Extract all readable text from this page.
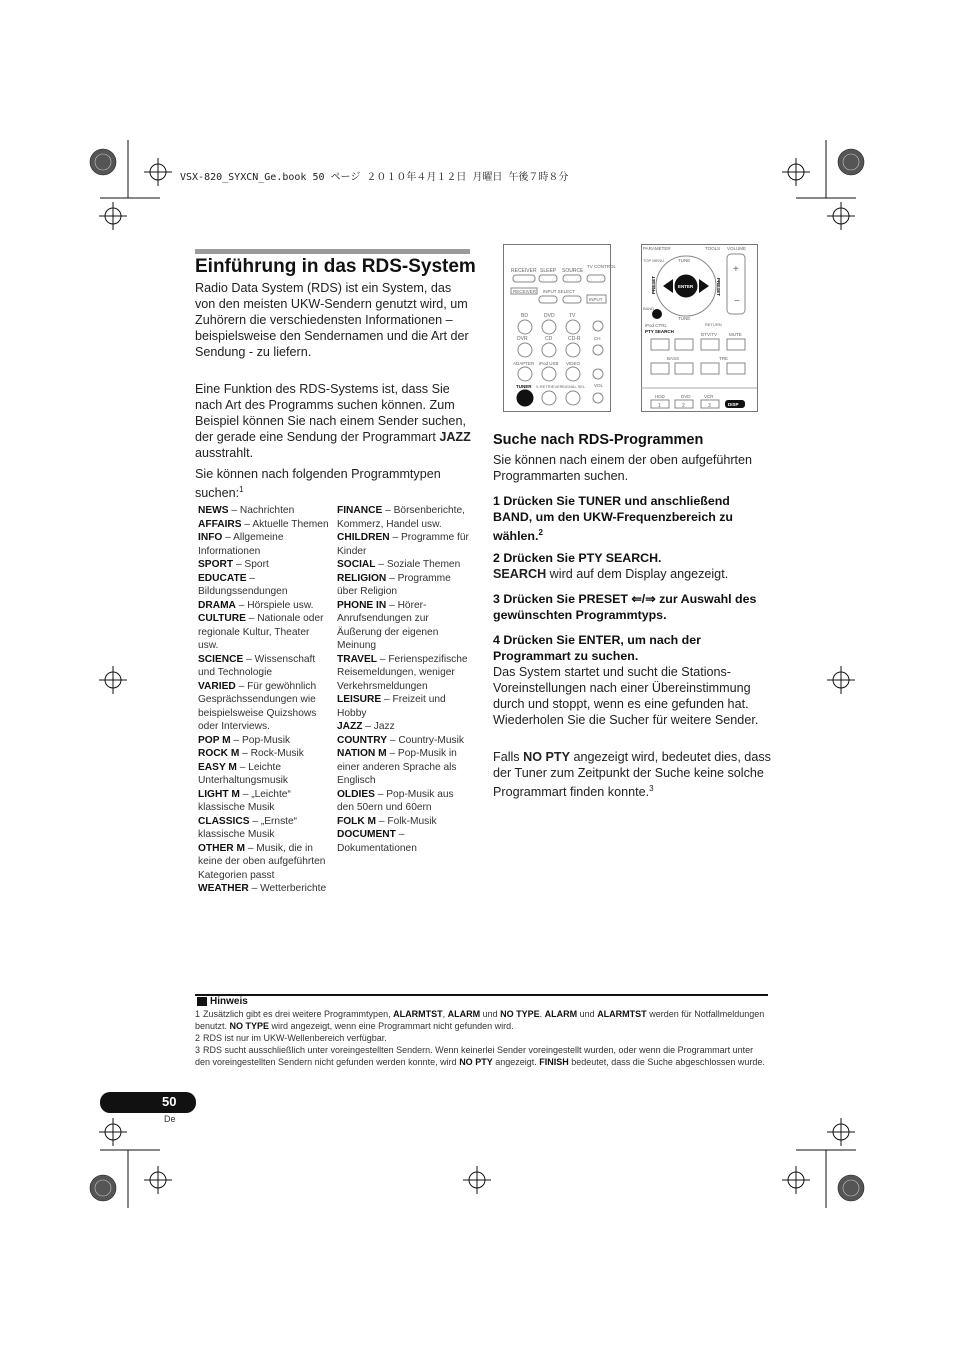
VSX-820_SYXCN_Ge.book 50 ページ ２０１０年４月１２日 月曜日 午後７時８分
Einführung in das RDS-System
Radio Data System (RDS) ist ein System, das von den meisten UKW-Sendern genutzt wird, um Zuhörern die verschiedensten Informationen – beispielsweise den Sendernamen und die Art der Sendung - zu liefern.
Eine Funktion des RDS-Systems ist, dass Sie nach Art des Programms suchen können. Zum Beispiel können Sie nach einem Sender suchen, der gerade eine Sendung der Programmart JAZZ ausstrahlt.
Sie können nach folgenden Programmtypen suchen:$^1$

NEWS – Nachrichten

AFFAIRS – Aktuelle Themen

INFO – Allgemeine Informationen

SPORT – Sport

EDUCATE – Bildungssendungen

DRAMA – Hörspiele usw.

CULTURE – Nationale oder regionale Kultur, Theater usw.

SCIENCE – Wissenschaft und Technologie

VARIED – Für gewöhnlich Gesprächssendungen wie beispielsweise Quizshows oder Interviews.

POP M – Pop-Musik

ROCK M – Rock-Musik

EASY M – Leichte Unterhaltungsmusik

LIGHT M – „Leichte“ klassische Musik

CLASSICS – „Ernste“ klassische Musik

OTHER M – Musik, die in keine der oben aufgeführten Kategorien passt

WEATHER – Wetterberichte

FINANCE – Börsenberichte, Kommerz, Handel usw.

CHILDREN – Programme für Kinder

SOCIAL – Soziale Themen

RELIGION – Programme über Religion

PHONE IN – Hörer-Anrufsendungen zur Äußerung der eigenen Meinung

TRAVEL – Ferienspezifische Reisemeldungen, weniger Verkehrsmeldungen

LEISURE – Freizeit und Hobby

JAZZ – Jazz

COUNTRY – Country-Musik

NATION M – Pop-Musik in einer anderen Sprache als Englisch

OLDIES – Pop-Musik aus den 50ern und 60ern

FOLK M – Folk-Musik

DOCUMENT – Dokumentationen

RECEIVER SLEEP SOURCE
TV CONTROL
RECEIVER INPUT SELECT
INPUT
BD	DVD	TV
CH
DVR	CD	CD-R
ADAPTER iPod USB VIDEO
VOL
TUNER S.RETRIEVER SIGNAL SEL
PARAMETER	TOOLS VOLUME
TOP MENU
+
−
TUNE
TUNE
PRESET	PRESET
ENTER
BAND
RETURN
iPod CTRL
PTY SEARCH
DTV/TV	MUTE
BASS	TRE
HDD	DVD	VCR
1	2	3	DISP
Suche nach RDS-Programmen
Sie können nach einem der oben aufgeführten Programmarten suchen.
1 Drücken Sie TUNER und anschließend BAND, um den UKW-Frequenzbereich zu wählen.$^2$
2 Drücken Sie PTY SEARCH.
SEARCH wird auf dem Display angezeigt.
3 Drücken Sie PRESET ⇐/⇒ zur Auswahl des gewünschten Programmtyps.
4 Drücken Sie ENTER, um nach der Programmart zu suchen.
Das System startet und sucht die Stations-Voreinstellungen nach einer Übereinstimmung durch und stoppt, wenn es eine gefunden hat. Wiederholen Sie die Sucher für weitere Sender.
Falls NO PTY angezeigt wird, bedeutet dies, dass der Tuner zum Zeitpunkt der Suche keine solche Programmart finden konnte.$^3$
Hinweis
1 Zusätzlich gibt es drei weitere Programmtypen, ALARMTST, ALARM und NO TYPE. ALARM und ALARMTST werden für Notfallmeldungen benutzt. NO TYPE wird angezeigt, wenn eine Programmart nicht gefunden wird.
2 RDS ist nur im UKW-Wellenbereich verfügbar.
3 RDS sucht ausschließlich unter voreingestellten Sendern. Wenn keinerlei Sender voreingestellt wurden, oder wenn die Programmart unter den voreingestellten Sendern nicht gefunden werden konnte, wird NO PTY angezeigt. FINISH bedeutet, dass die Suche abgeschlossen wurde.
50
De
